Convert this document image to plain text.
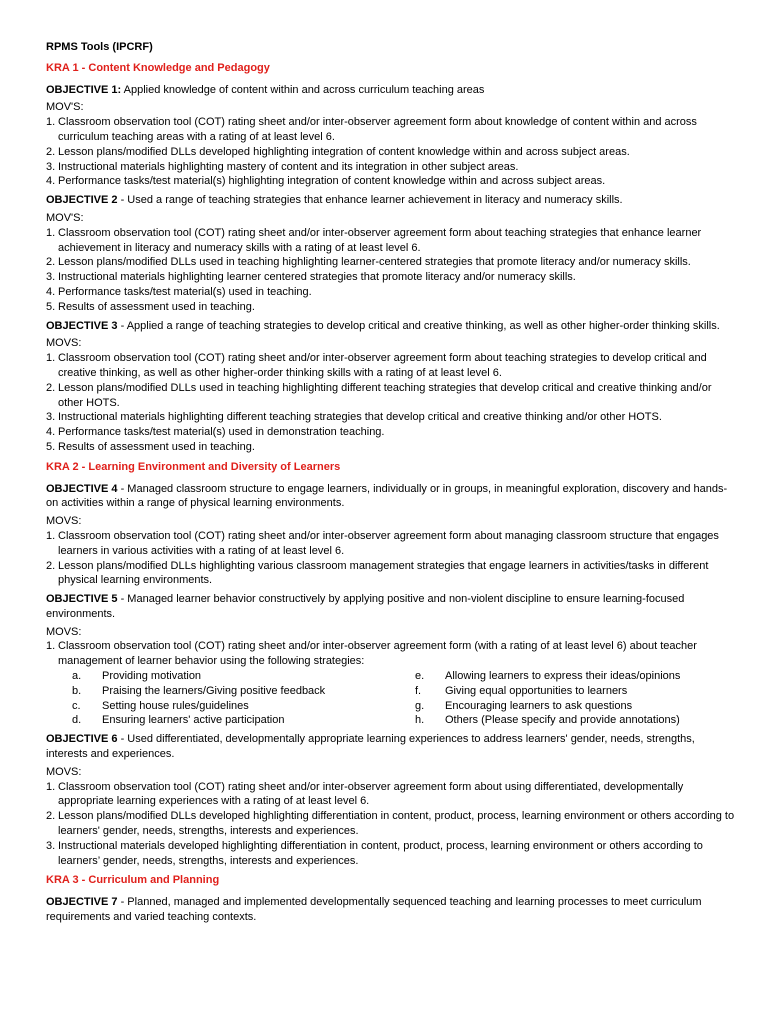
RPMS Tools (IPCRF)
KRA 1 - Content Knowledge and Pedagogy
OBJECTIVE 1: Applied knowledge of content within and across curriculum teaching areas
MOV'S:
1. Classroom observation tool (COT) rating sheet and/or inter-observer agreement form about knowledge of content within and across curriculum teaching areas with a rating of at least level 6.
2. Lesson plans/modified DLLs developed highlighting integration of content knowledge within and across subject areas.
3. Instructional materials highlighting mastery of content and its integration in other subject areas.
4. Performance tasks/test material(s) highlighting integration of content knowledge within and across subject areas.
OBJECTIVE 2 - Used a range of teaching strategies that enhance learner achievement in literacy and numeracy skills.
MOV'S:
1. Classroom observation tool (COT) rating sheet and/or inter-observer agreement form about teaching strategies that enhance learner achievement in literacy and numeracy skills with a rating of at least level 6.
2. Lesson plans/modified DLLs used in teaching highlighting learner-centered strategies that promote literacy and/or numeracy skills.
3. Instructional materials highlighting learner centered strategies that promote literacy and/or numeracy skills.
4. Performance tasks/test material(s) used in teaching.
5. Results of assessment used in teaching.
OBJECTIVE 3 - Applied a range of teaching strategies to develop critical and creative thinking, as well as other higher-order thinking skills.
MOVS:
1. Classroom observation tool (COT) rating sheet and/or inter-observer agreement form about teaching strategies to develop critical and creative thinking, as well as other higher-order thinking skills with a rating of at least level 6.
2. Lesson plans/modified DLLs used in teaching highlighting different teaching strategies that develop critical and creative thinking and/or other HOTS.
3. Instructional materials highlighting different teaching strategies that develop critical and creative thinking and/or other HOTS.
4. Performance tasks/test material(s) used in demonstration teaching.
5. Results of assessment used in teaching.
KRA 2 - Learning Environment and Diversity of Learners
OBJECTIVE 4 - Managed classroom structure to engage learners, individually or in groups, in meaningful exploration, discovery and hands-on activities within a range of physical learning environments.
MOVS:
1. Classroom observation tool (COT) rating sheet and/or inter-observer agreement form about managing classroom structure that engages learners in various activities with a rating of at least level 6.
2. Lesson plans/modified DLLs highlighting various classroom management strategies that engage learners in activities/tasks in different physical learning environments.
OBJECTIVE 5 - Managed learner behavior constructively by applying positive and non-violent discipline to ensure learning-focused environments.
MOVS:
1. Classroom observation tool (COT) rating sheet and/or inter-observer agreement form (with a rating of at least level 6) about teacher management of learner behavior using the following strategies:
a.	Providing motivation	e.	Allowing learners to express their ideas/opinions
b.	Praising the learners/Giving positive feedback	f.	Giving equal opportunities to learners
c.	Setting house rules/guidelines	g.	Encouraging learners to ask questions
d.	Ensuring learners' active participation	h.	Others (Please specify and provide annotations)
OBJECTIVE 6 - Used differentiated, developmentally appropriate learning experiences to address learners' gender, needs, strengths, interests and experiences.
MOVS:
1. Classroom observation tool (COT) rating sheet and/or inter-observer agreement form about using differentiated, developmentally appropriate learning experiences with a rating of at least level 6.
2. Lesson plans/modified DLLs developed highlighting differentiation in content, product, process, learning environment or others according to learners' gender, needs, strengths, interests and experiences.
3. Instructional materials developed highlighting differentiation in content, product, process, learning environment or others according to learners’ gender, needs, strengths, interests and experiences.
KRA 3 - Curriculum and Planning
OBJECTIVE 7 - Planned, managed and implemented developmentally sequenced teaching and learning processes to meet curriculum requirements and varied teaching contexts.
